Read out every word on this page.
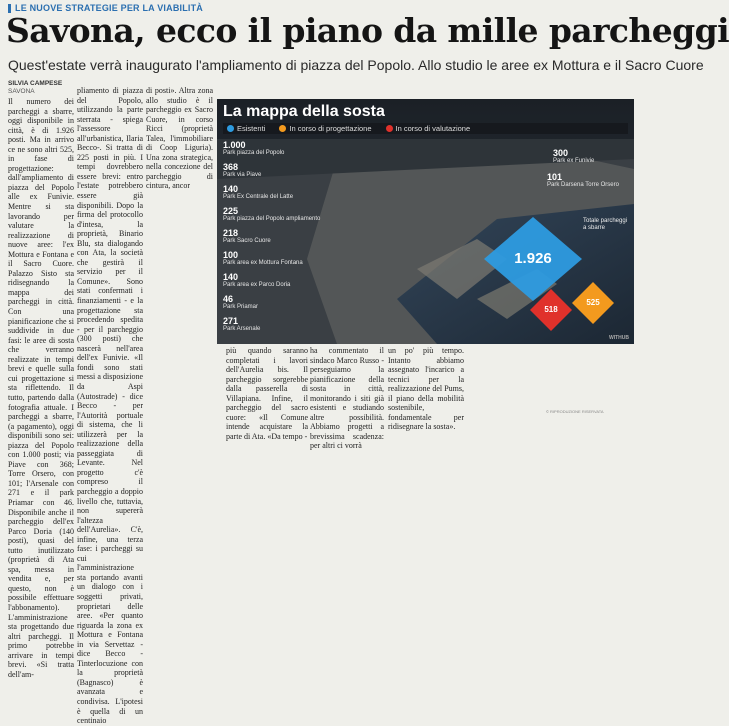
LE NUOVE STRATEGIE PER LA VIABILITÀ
Savona, ecco il piano da mille parcheggi
Quest'estate verrà inaugurato l'ampliamento di piazza del Popolo. Allo studio le aree ex Mottura e il Sacro Cuore
SILVIA CAMPESE
SAVONA
Il numero dei parcheggi a sbarre, oggi disponibile in città, è di 1.926 posti. Ma in arrivo ce ne sono altri 525, in fase di progettazione: dall'ampliamento di piazza del Popolo alle ex Funivie. Mentre si sta lavorando per valutare la realizzazione di nuove aree: l'ex Mottura e Fontana e il Sacro Cuore. Palazzo Sisto sta ridisegnando la mappa dei parcheggi in città. Con una pianificazione che si suddivide in due fasi: le aree di sosta che verranno realizzate in tempi brevi e quelle sulla cui progettazione si sta riflettendo. Il tutto, partendo dalla fotografia attuale. I parcheggi a sbarre, (a pagamento), oggi disponibili sono sei: piazza del Popolo con 1.000 posti; via Piave con 368; Torre Orsero, con 101; l'Arsenale con 271 e il park Priamar con 46. Disponibile anche il parcheggio dell'ex Parco Doria (140 posti), quasi del tutto inutilizzato (proprietà di Ata spa, messa in vendita e, per questo, non è possibile effettuare l'abbonamento). L'amministrazione sta progettando due altri parcheggi. Il primo potrebbe arrivare in tempi brevi. «Si tratta dell'am-
pliamento di piazza del Popolo, utilizzando la parte sterrata - spiega l'assessore all'urbanistica, Ilaria Becco-. Si tratta di 225 posti in più. I tempi dovrebbero essere brevi: entro l'estate potrebbero essere già disponibili. Dopo la firma del protocollo d'intesa, la proprietà, Binario Blu, sta dialogando con Ata, la società che gestirà il servizio per il Comune». Sono stati confermati i finanziamenti - e la progettazione sta procedendo spedita - per il parcheggio (300 posti) che nascerà nell'area dell'ex Funivie. «Il fondi sono stati messi a disposizione da Aspi (Autostrade) - dice Becco - per l'Autorità portuale di sistema, che li utilizzerà per la realizzazione della passeggiata di Levante. Nel progetto c'è compreso il parcheggio a doppio livello che, tuttavia, non supererà l'altezza dell'Aurelia». C'è, infine, una terza fase: i parcheggi su cui l'amministrazione sta portando avanti un dialogo con i soggetti privati, proprietari delle aree. «Per quanto riguarda la zona ex Mottura e Fontana in via Servettaz - dice Becco -Tinterlocuzione con la proprietà (Bagnasco) è avanzata e condivisa. L'ipotesi è quella di un centinaio
di posti». Altra zona allo studio è il parcheggio ex Sacro Cuore, in corso Ricci (proprietà Talea, l'immobiliare di Coop Liguria). Una zona strategica, nella concezione del parcheggio di cintura, ancor
più quando saranno completati i lavori dell'Aurelia bis. Il parcheggio sorgerebbe dalla passerella di Villapiana. Infine, il parcheggio del sacro cuore: «Il Comune intende acquistare la parte di Ata. «Da tempo -
ha commentato il sindaco Marco Russo - perseguiamo la pianificazione della sosta in città, monitorando i siti già esistenti e studiando altre possibilità. Abbiamo progetti a brevissima scadenza: per altri ci vorrà
un po' più tempo. Intanto abbiamo assegnato l'incarico a tecnici per la realizzazione del Pums, il piano della mobilità sostenibile, fondamentale per ridisegnare la sosta».
La mappa della sosta
Esistenti	In corso di progettazione	In corso di valutazione
1.000
Park piazza del Popolo
368
Park via Piave
140
Park Ex Centrale del Latte
225
Park piazza del Popolo ampliamento
218
Park Sacro Cuore
100
Park area ex Mottura Fontana
140
Park area ex Parco Doria
46
Park Priamar
271
Park Arsenale
300
Park ex Funivie
101
Park Darsena Torre Orsero
Totale parcheggi a sbarre
1.926
525
518
WITHUB
© RIPRODUZIONE RISERVATA
